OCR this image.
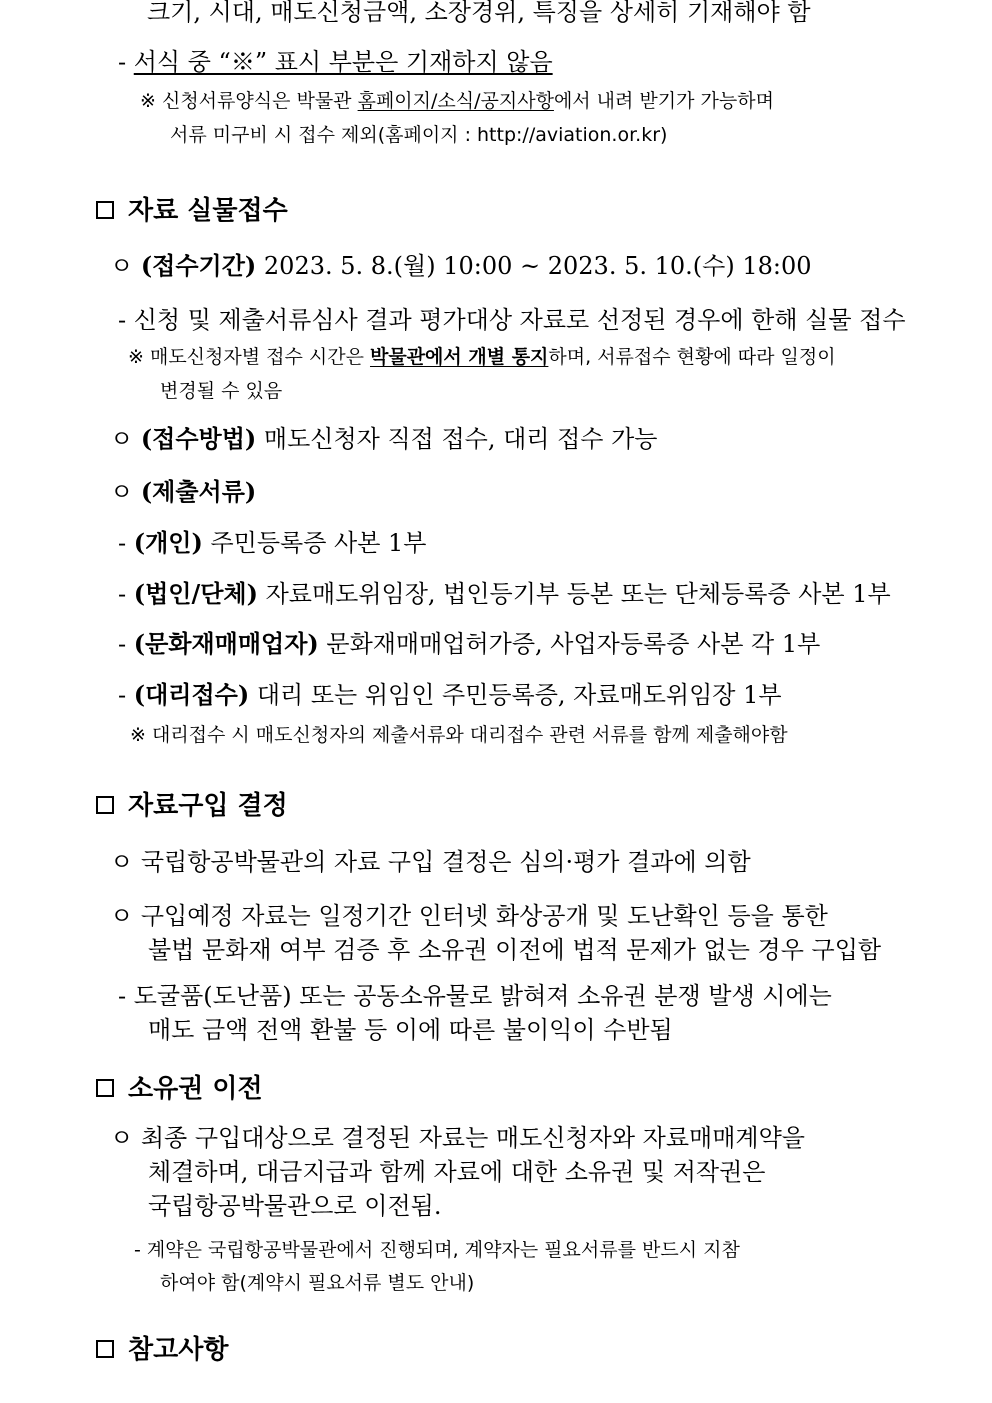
크기, 시대, 매도신청금액, 소장경위, 특징을 상세히 기재해야 함
- 서식 중 “※” 표시 부분은 기재하지 않음
※ 신청서류양식은 박물관 홈페이지/소식/공지사항에서 내려 받기가 가능하며
서류 미구비 시 접수 제외(홈페이지 : http://aviation.or.kr)
자료 실물접수
ㅇ (접수기간) 2023. 5. 8.(월) 10:00 ~ 2023. 5. 10.(수) 18:00
- 신청 및 제출서류심사 결과 평가대상 자료로 선정된 경우에 한해 실물 접수
※ 매도신청자별 접수 시간은 박물관에서 개별 통지하며, 서류접수 현황에 따라 일정이
변경될 수 있음
ㅇ (접수방법) 매도신청자 직접 접수, 대리 접수 가능
ㅇ (제출서류)
- (개인) 주민등록증 사본 1부
- (법인/단체) 자료매도위임장, 법인등기부 등본 또는 단체등록증 사본 1부
- (문화재매매업자) 문화재매매업허가증, 사업자등록증 사본 각 1부
- (대리접수) 대리 또는 위임인 주민등록증, 자료매도위임장 1부
※ 대리접수 시 매도신청자의 제출서류와 대리접수 관련 서류를 함께 제출해야함
자료구입 결정
ㅇ 국립항공박물관의 자료 구입 결정은 심의·평가 결과에 의함
ㅇ 구입예정 자료는 일정기간 인터넷 화상공개 및 도난확인 등을 통한
불법 문화재 여부 검증 후 소유권 이전에 법적 문제가 없는 경우 구입함
- 도굴품(도난품) 또는 공동소유물로 밝혀져 소유권 분쟁 발생 시에는
매도 금액 전액 환불 등 이에 따른 불이익이 수반됨
소유권 이전
ㅇ 최종 구입대상으로 결정된 자료는 매도신청자와 자료매매계약을
체결하며, 대금지급과 함께 자료에 대한 소유권 및 저작권은
국립항공박물관으로 이전됨.
- 계약은 국립항공박물관에서 진행되며, 계약자는 필요서류를 반드시 지참
하여야 함(계약시 필요서류 별도 안내)
참고사항
